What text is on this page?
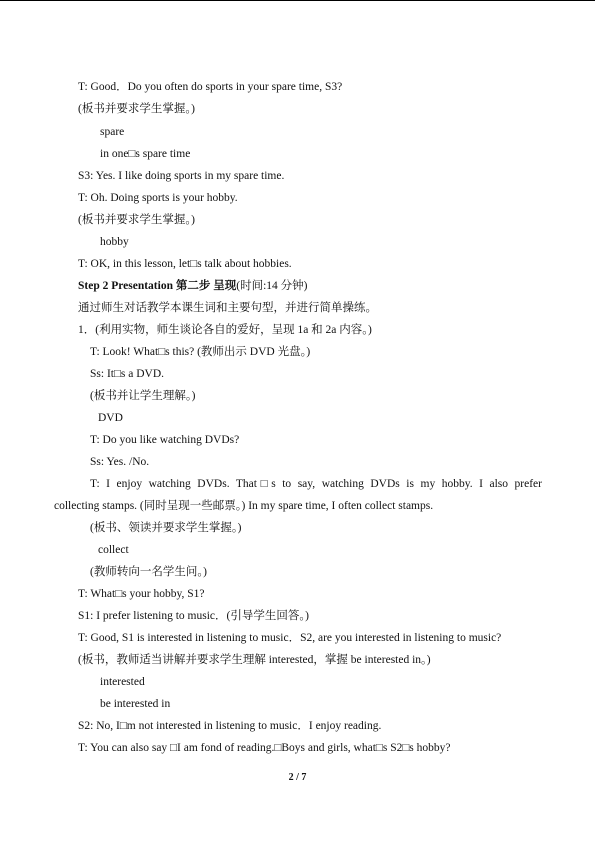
T: Good．Do you often do sports in your spare time, S3?
(板书并要求学生掌握。)
spare
in one□s spare time
S3: Yes. I like doing sports in my spare time.
T: Oh. Doing sports is your hobby.
(板书并要求学生掌握。)
hobby
T: OK, in this lesson, let□s talk about hobbies.
Step 2 Presentation 第二步 呈现(时间:14 分钟)
通过师生对话教学本课生词和主要句型，并进行简单操练。
1．(利用实物，师生谈论各自的爱好，呈现 1a 和 2a 内容。)
T: Look! What□s this? (教师出示 DVD 光盘。)
Ss: It□s a DVD.
(板书并让学生理解。)
DVD
T: Do you like watching DVDs?
Ss: Yes. /No.
T: I enjoy watching DVDs. That□s to say, watching DVDs is my hobby. I also prefer
collecting stamps. (同时呈现一些邮票。) In my spare time, I often collect stamps.
(板书、领读并要求学生掌握。)
collect
(教师转向一名学生问。)
T: What□s your hobby, S1?
S1: I prefer listening to music．(引导学生回答。)
T: Good, S1 is interested in listening to music．S2, are you interested in listening to music?
(板书，教师适当讲解并要求学生理解 interested，掌握 be interested in。)
interested
be interested in
S2: No, I□m not interested in listening to music．I enjoy reading.
T: You can also say □I am fond of reading.□Boys and girls, what□s S2□s hobby?
2 / 7
